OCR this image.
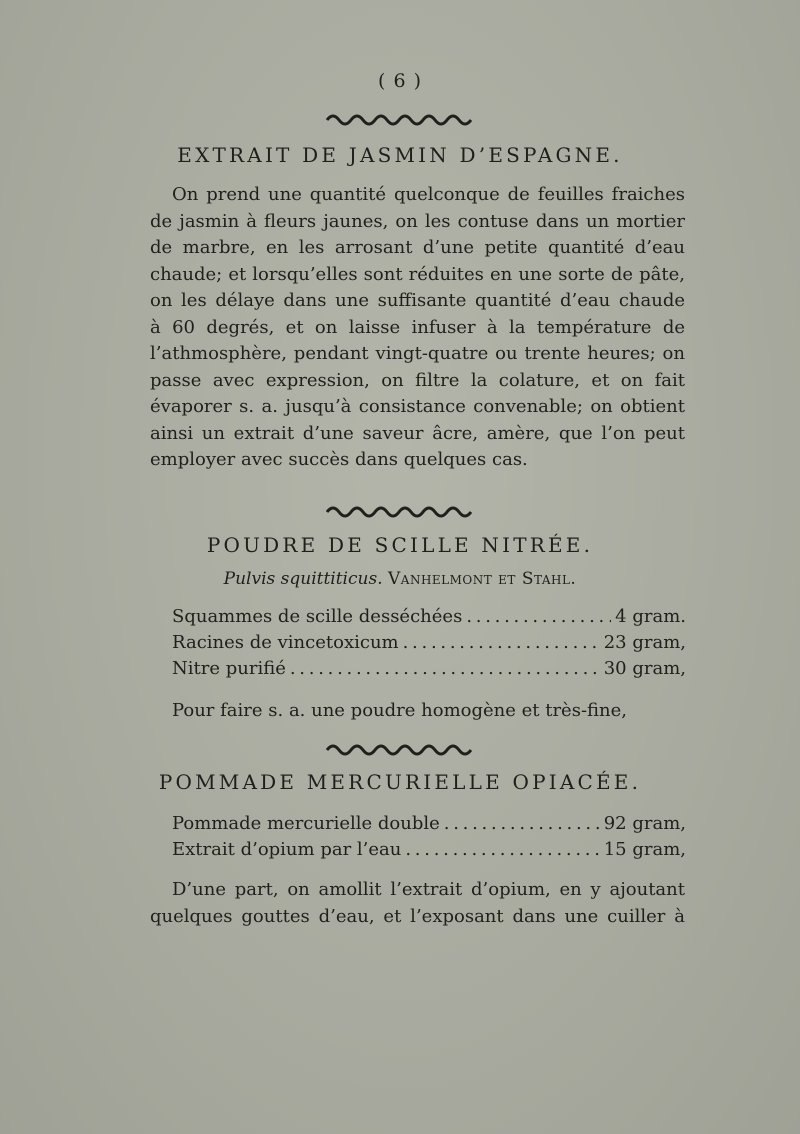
( 6 )
EXTRAIT DE JASMIN D’ESPAGNE.
On prend une quantité quelconque de feuilles fraiches
de jasmin à fleurs jaunes, on les contuse dans un mortier
de marbre, en les arrosant d’une petite quantité d’eau
chaude; et lorsqu’elles sont réduites en une sorte de pâte,
on les délaye dans une suffisante quantité d’eau chaude
à 60 degrés, et on laisse infuser à la température de
l’athmosphère, pendant vingt-quatre ou trente heures; on
passe avec expression, on filtre la colature, et on fait
évaporer s. a. jusqu’à consistance convenable; on obtient
ainsi un extrait d’une saveur âcre, amère, que l’on peut
employer avec succès dans quelques cas.
POUDRE DE SCILLE NITRÉE.
Pulvis squittiticus. Vanhelmont et Stahl.
Squammes de scille desséchées . . .	4 gram.
Racines de vincetoxicum . . .	23 gram,
Nitre purifié . . .	30 gram,
Pour faire s. a. une poudre homogène et très-fine,
POMMADE MERCURIELLE OPIACÉE.
Pommade mercurielle double . . .	92 gram,
Extrait d’opium par l’eau . . .	15 gram,
D’une part, on amollit l’extrait d’opium, en y ajoutant
quelques gouttes d’eau, et l’exposant dans une cuiller à
